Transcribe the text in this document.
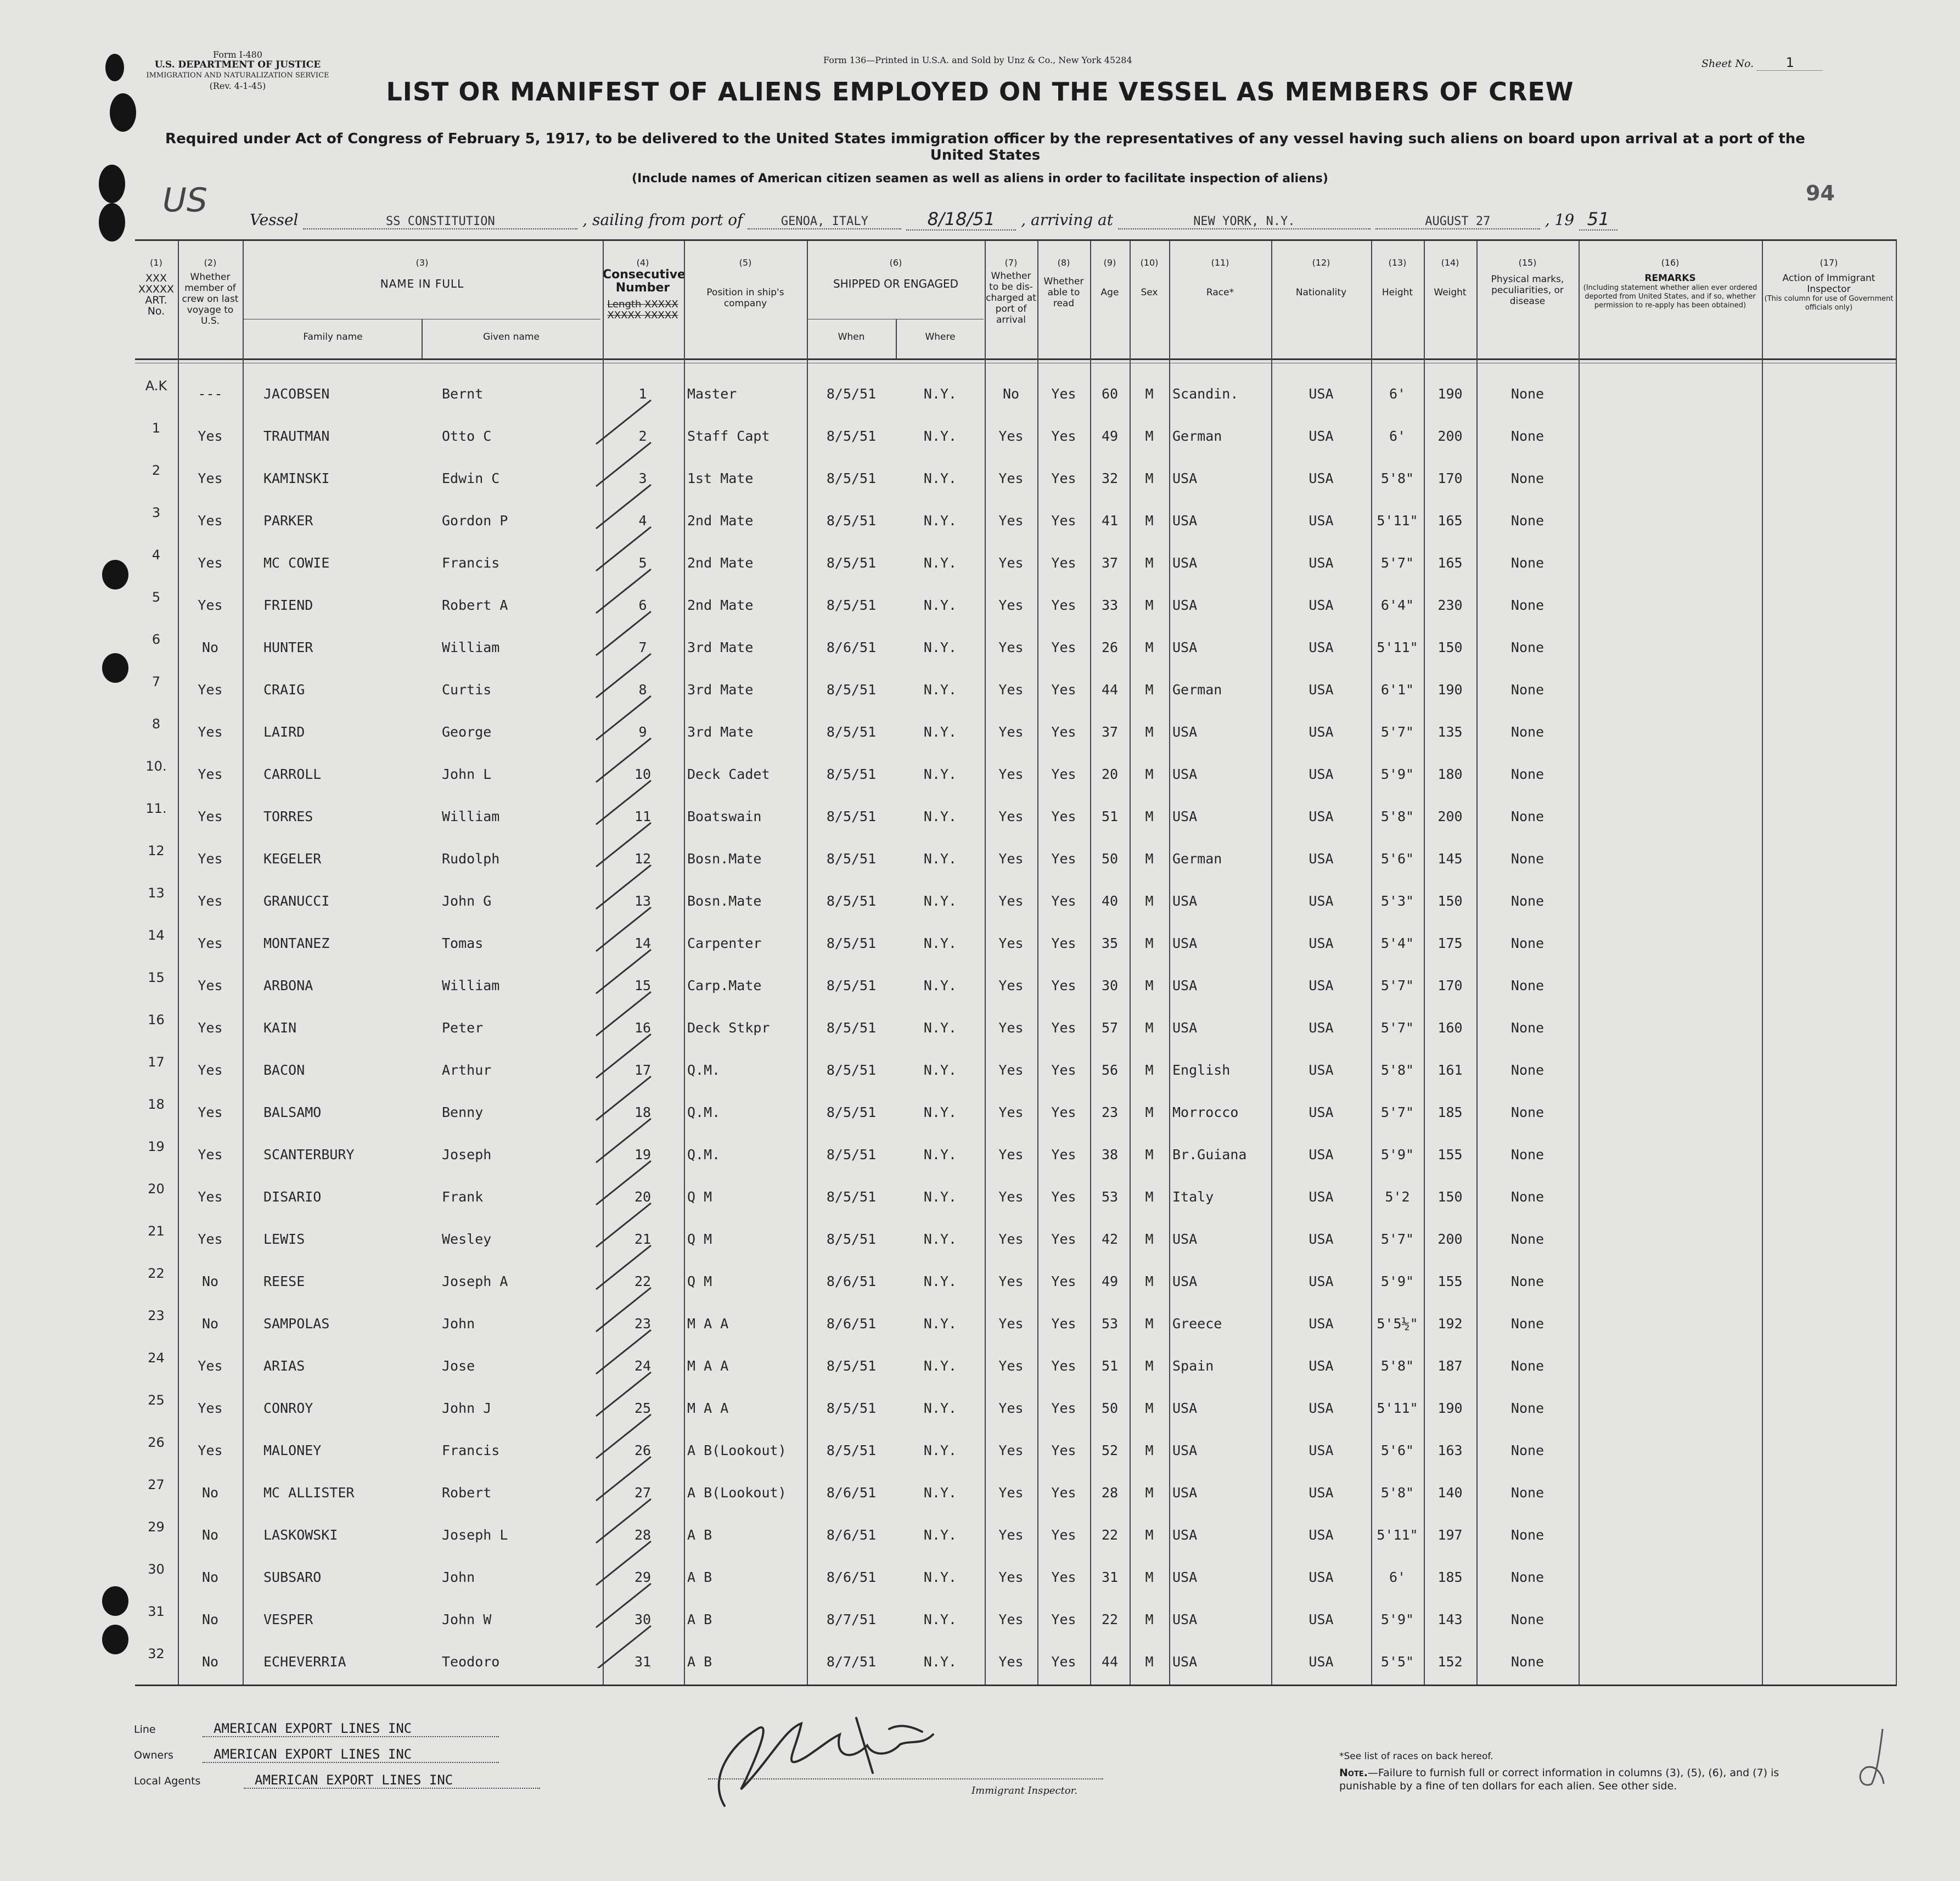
Form I-480
U.S. DEPARTMENT OF JUSTICE
IMMIGRATION AND NATURALIZATION SERVICE
(Rev. 4-1-45)
Form 136—Printed in U.S.A. and Sold by Unz & Co., New York 45284	Sheet No. 1
LIST OR MANIFEST OF ALIENS EMPLOYED ON THE VESSEL AS MEMBERS OF CREW
Required under Act of Congress of February 5, 1917, to be delivered to the United States immigration officer by the representatives of any vessel having such aliens on board upon arrival at a port of the United States
(Include names of American citizen seamen as well as aliens in order to facilitate inspection of aliens)
94
US
Vessel	SS CONSTITUTION	, sailing from port of	GENOA, ITALY	8/18/51 , arriving at	NEW YORK, N.Y.	AUGUST 27	, 19 51
(1)
XXX XXXXX ART. No.
(2)
Whether member of crew on last voyage to U.S.
(3)
NAME IN FULL
Family name	Given name
(4)
Consecutive Number
Length XXXXX XXXXX XXXXX
(5)
Position in ship's company
(6)
SHIPPED OR ENGAGED
When	Where
(7)
Whether to be dis-charged at port of arrival
(8)
Whether able to read
(9)
Age
(10)
Sex
(11)
Race*
(12)
Nationality
(13)
Height
(14)
Weight
(15)
Physical marks, peculiarities, or disease
(16)
REMARKS
(Including statement whether alien ever ordered deported from United States, and if so, whether permission to re-apply has been obtained)
(17)
Action of Immigrant Inspector
(This column for use of Government officials only)
A.K	---	JACOBSEN	Bernt	1	Master	8/5/51	N.Y.	No	Yes	60	M	Scandin.	USA	6'	190	None
1	Yes	TRAUTMAN	Otto C	2	Staff Capt	8/5/51	N.Y.	Yes	Yes	49	M	German	USA	6'	200	None
2	Yes	KAMINSKI	Edwin C	3	1st Mate	8/5/51	N.Y.	Yes	Yes	32	M	USA	USA	5'8"	170	None
3	Yes	PARKER	Gordon P	4	2nd Mate	8/5/51	N.Y.	Yes	Yes	41	M	USA	USA	5'11"	165	None
4	Yes	MC COWIE	Francis	5	2nd Mate	8/5/51	N.Y.	Yes	Yes	37	M	USA	USA	5'7"	165	None
5	Yes	FRIEND	Robert A	6	2nd Mate	8/5/51	N.Y.	Yes	Yes	33	M	USA	USA	6'4"	230	None
6	No	HUNTER	William	7	3rd Mate	8/6/51	N.Y.	Yes	Yes	26	M	USA	USA	5'11"	150	None
7	Yes	CRAIG	Curtis	8	3rd Mate	8/5/51	N.Y.	Yes	Yes	44	M	German	USA	6'1"	190	None
8	Yes	LAIRD	George	9	3rd Mate	8/5/51	N.Y.	Yes	Yes	37	M	USA	USA	5'7"	135	None
10.	Yes	CARROLL	John L	10	Deck Cadet	8/5/51	N.Y.	Yes	Yes	20	M	USA	USA	5'9"	180	None
11.	Yes	TORRES	William	11	Boatswain	8/5/51	N.Y.	Yes	Yes	51	M	USA	USA	5'8"	200	None
12	Yes	KEGELER	Rudolph	12	Bosn.Mate	8/5/51	N.Y.	Yes	Yes	50	M	German	USA	5'6"	145	None
13	Yes	GRANUCCI	John G	13	Bosn.Mate	8/5/51	N.Y.	Yes	Yes	40	M	USA	USA	5'3"	150	None
14	Yes	MONTANEZ	Tomas	14	Carpenter	8/5/51	N.Y.	Yes	Yes	35	M	USA	USA	5'4"	175	None
15	Yes	ARBONA	William	15	Carp.Mate	8/5/51	N.Y.	Yes	Yes	30	M	USA	USA	5'7"	170	None
16	Yes	KAIN	Peter	16	Deck Stkpr	8/5/51	N.Y.	Yes	Yes	57	M	USA	USA	5'7"	160	None
17	Yes	BACON	Arthur	17	Q.M.	8/5/51	N.Y.	Yes	Yes	56	M	English	USA	5'8"	161	None
18	Yes	BALSAMO	Benny	18	Q.M.	8/5/51	N.Y.	Yes	Yes	23	M	Morrocco	USA	5'7"	185	None
19	Yes	SCANTERBURY	Joseph	19	Q.M.	8/5/51	N.Y.	Yes	Yes	38	M	Br.Guiana	USA	5'9"	155	None
20	Yes	DISARIO	Frank	20	Q M	8/5/51	N.Y.	Yes	Yes	53	M	Italy	USA	5'2	150	None
21	Yes	LEWIS	Wesley	21	Q M	8/5/51	N.Y.	Yes	Yes	42	M	USA	USA	5'7"	200	None
22	No	REESE	Joseph A	22	Q M	8/6/51	N.Y.	Yes	Yes	49	M	USA	USA	5'9"	155	None
23	No	SAMPOLAS	John	23	M A A	8/6/51	N.Y.	Yes	Yes	53	M	Greece	USA	5'5½"	192	None
24	Yes	ARIAS	Jose	24	M A A	8/5/51	N.Y.	Yes	Yes	51	M	Spain	USA	5'8"	187	None
25	Yes	CONROY	John J	25	M A A	8/5/51	N.Y.	Yes	Yes	50	M	USA	USA	5'11"	190	None
26	Yes	MALONEY	Francis	26	A B(Lookout)	8/5/51	N.Y.	Yes	Yes	52	M	USA	USA	5'6"	163	None
27	No	MC ALLISTER	Robert	27	A B(Lookout)	8/6/51	N.Y.	Yes	Yes	28	M	USA	USA	5'8"	140	None
29	No	LASKOWSKI	Joseph L	28	A B	8/6/51	N.Y.	Yes	Yes	22	M	USA	USA	5'11"	197	None
30	No	SUBSARO	John	29	A B	8/6/51	N.Y.	Yes	Yes	31	M	USA	USA	6'	185	None
31	No	VESPER	John W	30	A B	8/7/51	N.Y.	Yes	Yes	22	M	USA	USA	5'9"	143	None
32	No	ECHEVERRIA	Teodoro	31	A B	8/7/51	N.Y.	Yes	Yes	44	M	USA	USA	5'5"	152	None
Line	AMERICAN EXPORT LINES INC
Owners	AMERICAN EXPORT LINES INC
Local Agents	AMERICAN EXPORT LINES INC
Immigrant Inspector.
*See list of races on back hereof.
Note.—Failure to furnish full or correct information in columns (3), (5), (6), and (7) is punishable by a fine of ten dollars for each alien. See other side.
